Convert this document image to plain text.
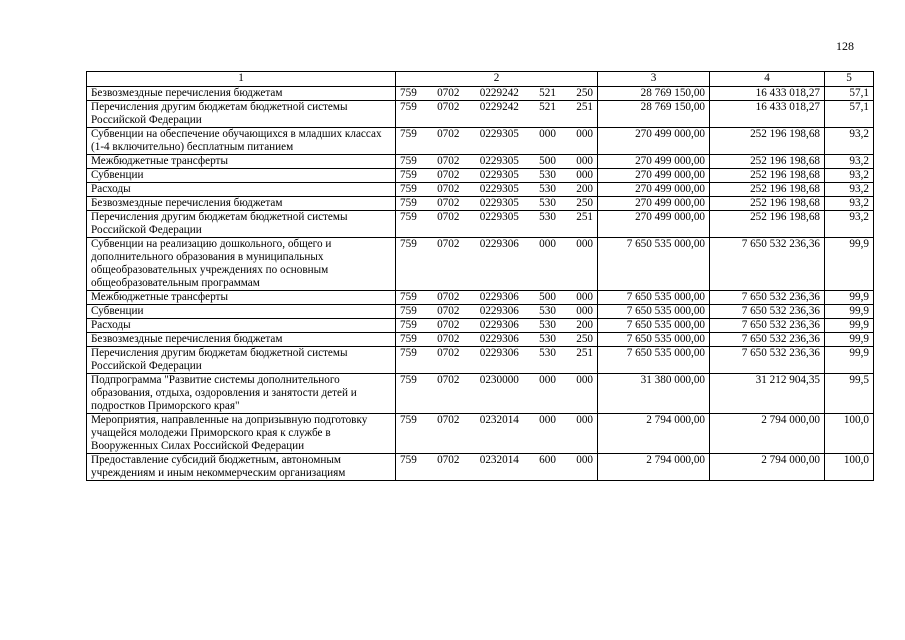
128
1	2	3	4	5
Безвозмездные перечисления бюджетам	759 0702 0229242 521 250	28 769 150,00	16 433 018,27	57,1
Перечисления другим бюджетам бюджетной системы Российской Федерации	759 0702 0229242 521 251	28 769 150,00	16 433 018,27	57,1
Субвенции на обеспечение обучающихся в младших классах (1-4 включительно) бесплатным питанием	759 0702 0229305 000 000	270 499 000,00	252 196 198,68	93,2
Межбюджетные трансферты	759 0702 0229305 500 000	270 499 000,00	252 196 198,68	93,2
Субвенции	759 0702 0229305 530 000	270 499 000,00	252 196 198,68	93,2
Расходы	759 0702 0229305 530 200	270 499 000,00	252 196 198,68	93,2
Безвозмездные перечисления бюджетам	759 0702 0229305 530 250	270 499 000,00	252 196 198,68	93,2
Перечисления другим бюджетам бюджетной системы Российской Федерации	759 0702 0229305 530 251	270 499 000,00	252 196 198,68	93,2
Субвенции на реализацию дошкольного, общего и дополнительного образования в муниципальных общеобразовательных учреждениях по основным общеобразовательным программам	759 0702 0229306 000 000	7 650 535 000,00	7 650 532 236,36	99,9
Межбюджетные трансферты	759 0702 0229306 500 000	7 650 535 000,00	7 650 532 236,36	99,9
Субвенции	759 0702 0229306 530 000	7 650 535 000,00	7 650 532 236,36	99,9
Расходы	759 0702 0229306 530 200	7 650 535 000,00	7 650 532 236,36	99,9
Безвозмездные перечисления бюджетам	759 0702 0229306 530 250	7 650 535 000,00	7 650 532 236,36	99,9
Перечисления другим бюджетам бюджетной системы Российской Федерации	759 0702 0229306 530 251	7 650 535 000,00	7 650 532 236,36	99,9
Подпрограмма "Развитие системы дополнительного образования, отдыха, оздоровления и занятости детей и подростков Приморского края"	759 0702 0230000 000 000	31 380 000,00	31 212 904,35	99,5
Мероприятия, направленные на допризывную подготовку учащейся молодежи Приморского края к службе в Вооруженных Силах Российской Федерации	759 0702 0232014 000 000	2 794 000,00	2 794 000,00	100,0
Предоставление субсидий бюджетным, автономным учреждениям и иным некоммерческим организациям	759 0702 0232014 600 000	2 794 000,00	2 794 000,00	100,0
